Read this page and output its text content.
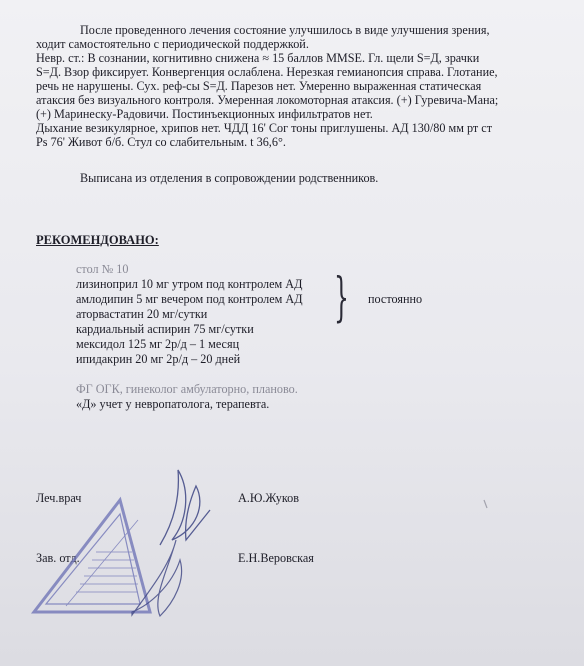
После проведенного лечения состояние улучшилось в виде улучшения зрения,
ходит самостоятельно с периодической поддержкой.
Невр. ст.: В сознании, когнитивно снижена ≈ 15 баллов MMSE. Гл. щели S=Д, зрачки
S=Д. Взор фиксирует. Конвергенция ослаблена. Нерезкая гемианопсия справа. Глотание,
речь не нарушены. Сух. реф-сы S=Д. Парезов нет. Умеренно выраженная статическая
атаксия без визуального контроля. Умеренная локомоторная атаксия. (+) Гуревича-Мана;
(+) Маринеску-Радовичи. Постинъекционных инфильтратов нет.
Дыхание везикулярное, хрипов нет. ЧДД 16' Сог тоны приглушены. АД 130/80 мм рт ст
Ps 76' Живот б/б. Стул со слабительным. t 36,6°.
Выписана из отделения в сопровождении родственников.
РЕКОМЕНДОВАНО:
стол № 10
лизиноприл 10 мг утром под контролем АД
амлодипин 5 мг вечером под контролем АД
аторвастатин 20 мг/сутки
кардиальный аспирин 75 мг/сутки
мексидол 125 мг 2р/д – 1 месяц
ипидакрин 20 мг 2р/д – 20 дней
} постоянно
ФГ ОГК, гинеколог амбулаторно, планово.
«Д» учет у невропатолога, терапевта.
Леч.врач	А.Ю.Жуков
Зав. отд.	Е.Н.Веровская
